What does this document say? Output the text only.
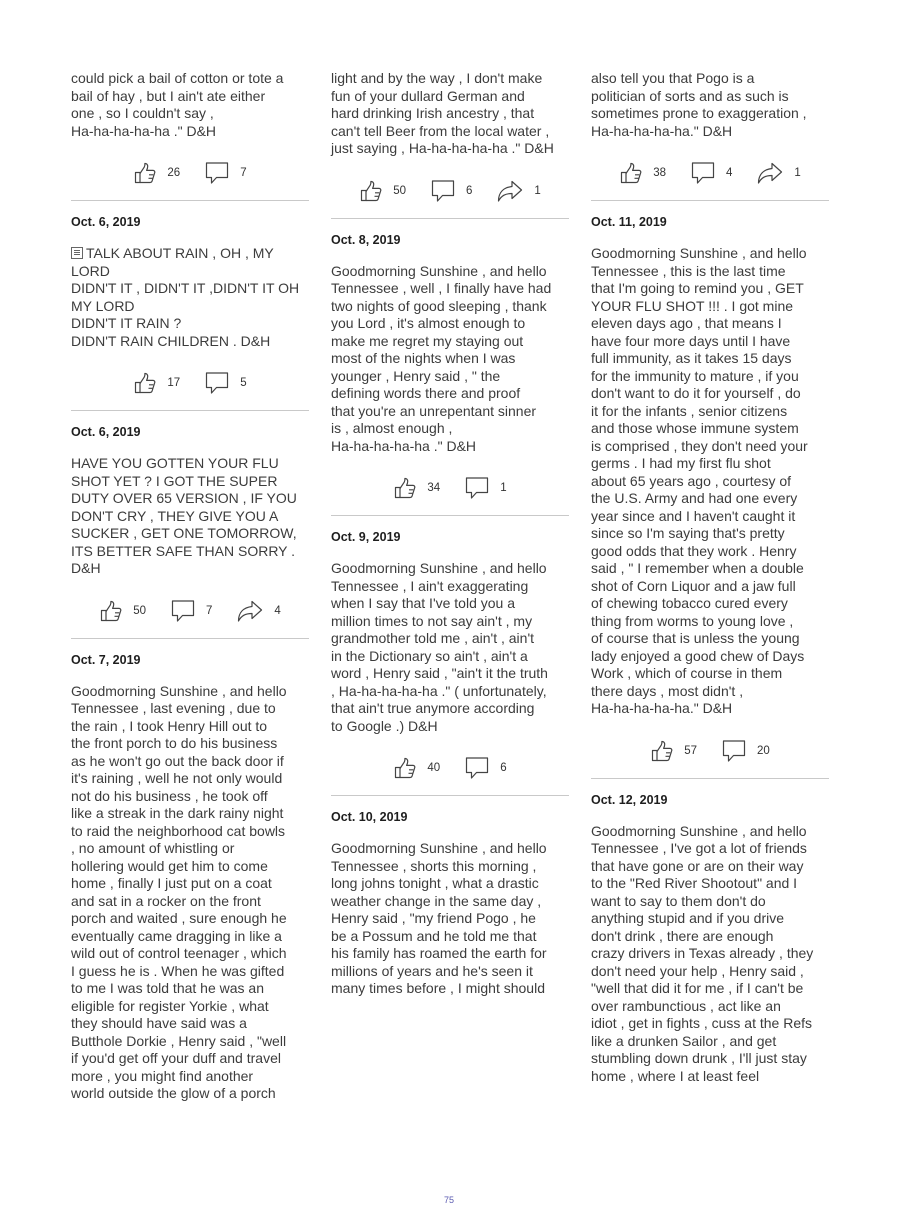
could pick a bail of cotton or tote a
bail of hay , but I ain't ate either
one , so I couldn't say ,
Ha-ha-ha-ha-ha ." D&H

26	7

Oct. 6, 2019

TALK ABOUT RAIN , OH , MY
LORD
DIDN'T IT , DIDN'T IT ,DIDN'T IT OH
MY LORD
DIDN'T IT RAIN ?
DIDN'T RAIN CHILDREN . D&H

17	5

Oct. 6, 2019

HAVE YOU GOTTEN YOUR FLU
SHOT YET ? I GOT THE SUPER
DUTY OVER 65 VERSION , IF YOU
DON'T CRY , THEY GIVE YOU A
SUCKER , GET ONE TOMORROW,
ITS BETTER SAFE THAN SORRY .
D&H

50	7	4

Oct. 7, 2019

Goodmorning Sunshine , and hello
Tennessee , last evening , due to
the rain , I took Henry Hill out to
the front porch to do his business
as he won't go out the back door if
it's raining , well he not only would
not do his business , he took off
like a streak in the dark rainy night
to raid the neighborhood cat bowls
, no amount of whistling or
hollering would get him to come
home , finally I just put on a coat
and sat in a rocker on the front
porch and waited , sure enough he
eventually came dragging in like a
wild out of control teenager , which
I guess he is . When he was gifted
to me I was told that he was an
eligible for register Yorkie , what
they should have said was a
Butthole Dorkie , Henry said , "well
if you'd get off your duff and travel
more , you might find another
world outside the glow of a porch

light and by the way , I don't make
fun of your dullard German and
hard drinking Irish ancestry , that
can't tell Beer from the local water ,
just saying , Ha-ha-ha-ha-ha ." D&H

50	6	1

Oct. 8, 2019

Goodmorning Sunshine , and hello
Tennessee , well , I finally have had
two nights of good sleeping , thank
you Lord , it's almost enough to
make me regret my staying out
most of the nights when I was
younger , Henry said , " the
defining words there and proof
that you're an unrepentant sinner
is , almost enough ,
Ha-ha-ha-ha-ha ." D&H

34	1

Oct. 9, 2019

Goodmorning Sunshine , and hello
Tennessee , I ain't exaggerating
when I say that I've told you a
million times to not say ain't , my
grandmother told me , ain't , ain't
in the Dictionary so ain't , ain't a
word , Henry said , "ain't it the truth
, Ha-ha-ha-ha-ha ." ( unfortunately,
that ain't true anymore according
to Google .) D&H

40	6

Oct. 10, 2019

Goodmorning Sunshine , and hello
Tennessee , shorts this morning ,
long johns tonight , what a drastic
weather change in the same day ,
Henry said , "my friend Pogo , he
be a Possum and he told me that
his family has roamed the earth for
millions of years and he's seen it
many times before , I might should

also tell you that Pogo is a
politician of sorts and as such is
sometimes prone to exaggeration ,
Ha-ha-ha-ha-ha." D&H

38	4	1

Oct. 11, 2019

Goodmorning Sunshine , and hello
Tennessee , this is the last time
that I'm going to remind you , GET
YOUR FLU SHOT !!! . I got mine
eleven days ago , that means I
have four more days until I have
full immunity, as it takes 15 days
for the immunity to mature , if you
don't want to do it for yourself , do
it for the infants , senior citizens
and those whose immune system
is comprised , they don't need your
germs . I had my first flu shot
about 65 years ago , courtesy of
the U.S. Army and had one every
year since and I haven't caught it
since so I'm saying that's pretty
good odds that they work . Henry
said , " I remember when a double
shot of Corn Liquor and a jaw full
of chewing tobacco cured every
thing from worms to young love ,
of course that is unless the young
lady enjoyed a good chew of Days
Work , which of course in them
there days , most didn't ,
Ha-ha-ha-ha-ha." D&H

57	20

Oct. 12, 2019

Goodmorning Sunshine , and hello
Tennessee , I've got a lot of friends
that have gone or are on their way
to the "Red River Shootout" and I
want to say to them don't do
anything stupid and if you drive
don't drink , there are enough
crazy drivers in Texas already , they
don't need your help , Henry said ,
"well that did it for me , if I can't be
over rambunctious , act like an
idiot , get in fights , cuss at the Refs
like a drunken Sailor , and get
stumbling down drunk , I'll just stay
home , where I at least feel

75
